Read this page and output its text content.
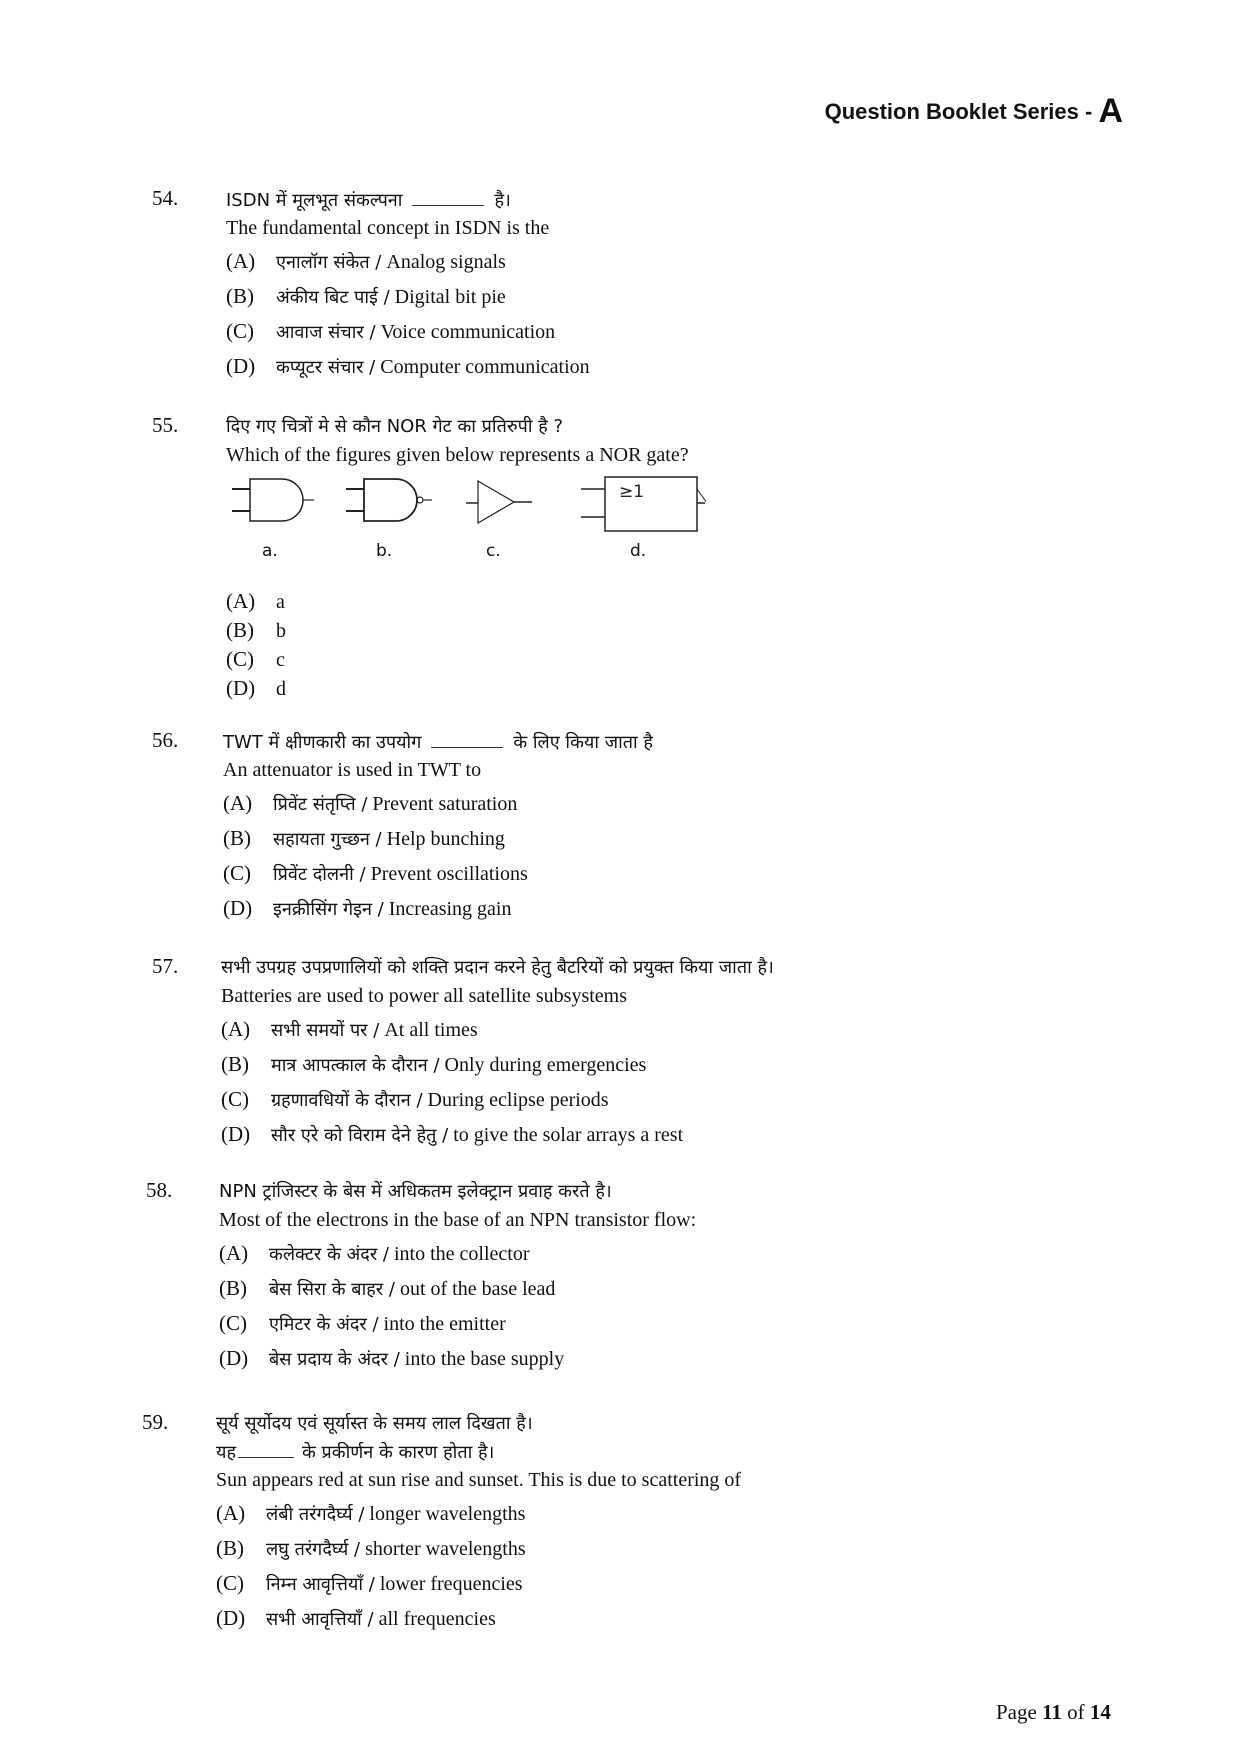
Question Booklet Series - A
54.	ISDN में मूलभूत संकल्पना	है।
The fundamental concept in ISDN is the
(A) एनालॉग संकेत / Analog signals
(B) अंकीय बिट पाई / Digital bit pie
(C) आवाज संचार / Voice communication
(D) कप्यूटर संचार / Computer communication
55.	दिए गए चित्रों मे से कौन NOR गेट का प्रतिरुपी है ?
Which of the figures given below represents a NOR gate?
≥1
a.	b.	c.	d.
(A) a
(B) b
(C) c
(D) d
56. TWT में क्षीणकारी का उपयोग	के लिए किया जाता है
An attenuator is used in TWT to
(A) प्रिवेंट संतृप्ति / Prevent saturation
(B) सहायता गुच्छन / Help bunching
(C) प्रिवेंट दोलनी / Prevent oscillations
(D) इनक्रीसिंग गेइन / Increasing gain
57. सभी उपग्रह उपप्रणालियों को शक्ति प्रदान करने हेतु बैटरियों को प्रयुक्त किया जाता है।
Batteries are used to power all satellite subsystems
(A) सभी समयों पर / At all times
(B) मात्र आपत्काल के दौरान / Only during emergencies
(C) ग्रहणावधियों के दौरान / During eclipse periods
(D) सौर एरे को विराम देने हेतु / to give the solar arrays a rest
58.	NPN ट्रांजिस्टर के बेस में अधिकतम इलेक्ट्रान प्रवाह करते है।
Most of the electrons in the base of an NPN transistor flow:
(A) कलेक्टर के अंदर / into the collector
(B) बेस सिरा के बाहर / out of the base lead
(C) एमिटर के अंदर / into the emitter
(D) बेस प्रदाय के अंदर / into the base supply
59.	सूर्य सूर्योदय एवं सूर्यास्त के समय लाल दिखता है।
यह	के प्रकीर्णन के कारण होता है।
Sun appears red at sun rise and sunset. This is due to scattering of
(A) लंबी तरंगदैर्घ्य / longer wavelengths
(B) लघु तरंगदैर्घ्य / shorter wavelengths
(C) निम्न आवृत्तियाँ / lower frequencies
(D) सभी आवृत्तियाँ / all frequencies
Page 11 of 14
